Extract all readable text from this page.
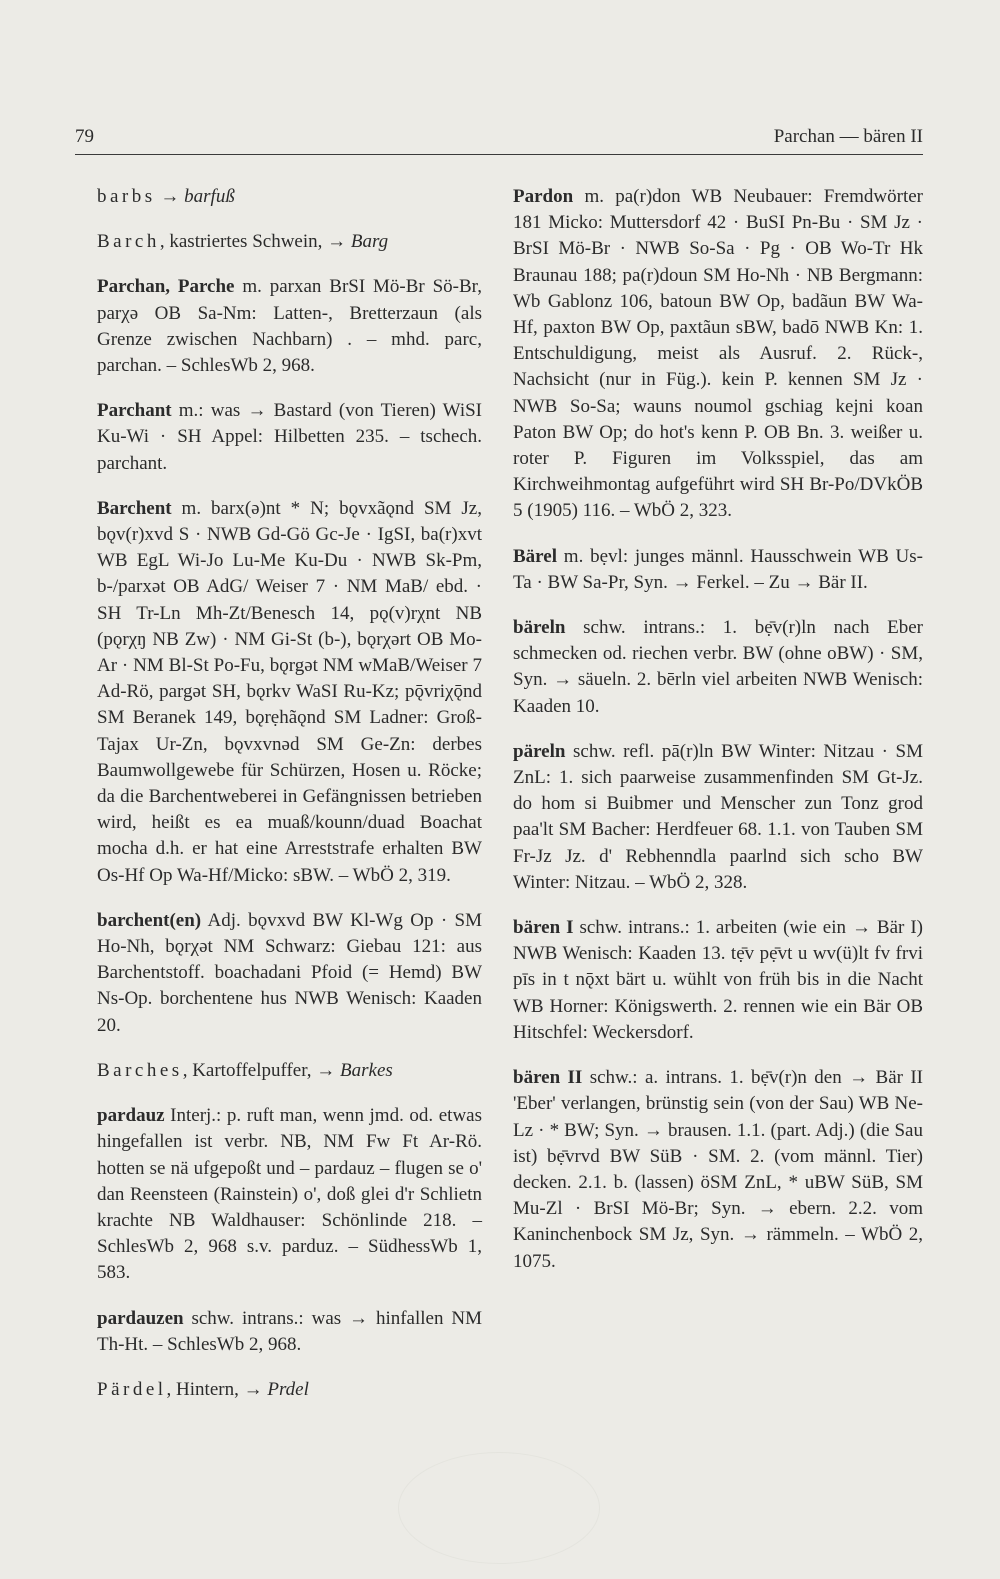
79	Parchan — bären II

barbs → barfuß

Barch, kastriertes Schwein, → Barg

Parchan, Parche m. parxan BrSI Mö-Br Sö-Br, parχə OB Sa-Nm: Latten-, Bretterzaun (als Grenze zwischen Nachbarn) . – mhd. parc, parchan. – SchlesWb 2, 968.

Parchant m.: was → Bastard (von Tieren) WiSI Ku-Wi · SH Appel: Hilbetten 235. – tschech. parchant.

Barchent m. barx(ə)nt * N; bǫvxãǫnd SM Jz, bǫv(r)xvd S · NWB Gd-Gö Gc-Je · IgSI, ba(r)xvt WB EgL Wi-Jo Lu-Me Ku-Du · NWB Sk-Pm, b-/parxət OB AdG/ Weiser 7 · NM MaB/ ebd. · SH Tr-Ln Mh-Zt/Benesch 14, pǫ(v)rχnt NB (pǫrχŋ NB Zw) · NM Gi-St (b-), bǫrχərt OB Mo-Ar · NM Bl-St Po-Fu, bǫrgət NM wMaB/Weiser 7 Ad-Rö, pargət SH, bǫrkv WaSI Ru-Kz; pǭvriχǭnd SM Beranek 149, bǫrẹhãǫnd SM Ladner: Groß-Tajax Ur-Zn, bǫvxvnəd SM Ge-Zn: derbes Baumwollgewebe für Schürzen, Hosen u. Röcke; da die Barchentweberei in Gefängnissen betrieben wird, heißt es ea muaß/kounn/duad Boachat mocha d.h. er hat eine Arreststrafe erhalten BW Os-Hf Op Wa-Hf/Micko: sBW. – WbÖ 2, 319.

barchent(en) Adj. bǫvxvd BW Kl-Wg Op · SM Ho-Nh, bǫrχət NM Schwarz: Giebau 121: aus Barchentstoff. boachadani Pfoid (= Hemd) BW Ns-Op. borchentene hus NWB Wenisch: Kaaden 20.

Barches, Kartoffelpuffer, → Barkes

pardauz Interj.: p. ruft man, wenn jmd. od. etwas hingefallen ist verbr. NB, NM Fw Ft Ar-Rö. hotten se nä ufgepoßt und – pardauz – flugen se o' dan Reensteen (Rainstein) o', doß glei d'r Schlietn krachte NB Waldhauser: Schönlinde 218. – SchlesWb 2, 968 s.v. parduz. – SüdhessWb 1, 583.

pardauzen schw. intrans.: was → hinfallen NM Th-Ht. – SchlesWb 2, 968.

Pärdel, Hintern, → Prdel

Pardon m. pa(r)don WB Neubauer: Fremdwörter 181 Micko: Muttersdorf 42 · BuSI Pn-Bu · SM Jz · BrSI Mö-Br · NWB So-Sa · Pg · OB Wo-Tr Hk Braunau 188; pa(r)doun SM Ho-Nh · NB Bergmann: Wb Gablonz 106, batoun BW Op, badãun BW Wa-Hf, paxton BW Op, paxtãun sBW, badō NWB Kn: 1. Entschuldigung, meist als Ausruf. 2. Rück-, Nachsicht (nur in Füg.). kein P. kennen SM Jz · NWB So-Sa; wauns noumol gschiag kejni koan Paton BW Op; do hot's kenn P. OB Bn. 3. weißer u. roter P. Figuren im Volksspiel, das am Kirchweihmontag aufgeführt wird SH Br-Po/DVkÖB 5 (1905) 116. – WbÖ 2, 323.

Bärel m. bẹvl: junges männl. Hausschwein WB Us-Ta · BW Sa-Pr, Syn. → Ferkel. – Zu → Bär II.

bäreln schw. intrans.: 1. bẹ̄v(r)ln nach Eber schmecken od. riechen verbr. BW (ohne oBW) · SM, Syn. → säueln. 2. bērln viel arbeiten NWB Wenisch: Kaaden 10.

päreln schw. refl. pā(r)ln BW Winter: Nitzau · SM ZnL: 1. sich paarweise zusammenfinden SM Gt-Jz. do hom si Buibmer und Menscher zun Tonz grod paa'lt SM Bacher: Herdfeuer 68. 1.1. von Tauben SM Fr-Jz Jz. d' Rebhenndla paarlnd sich scho BW Winter: Nitzau. – WbÖ 2, 328.

bären I schw. intrans.: 1. arbeiten (wie ein → Bär I) NWB Wenisch: Kaaden 13. tẹ̄v pẹ̄vt u wv(ü)lt fv frvi pīs in t nǭxt bärt u. wühlt von früh bis in die Nacht WB Horner: Königswerth. 2. rennen wie ein Bär OB Hitschfel: Weckersdorf.

bären II schw.: a. intrans. 1. bẹ̄v(r)n den → Bär II 'Eber' verlangen, brünstig sein (von der Sau) WB Ne-Lz · * BW; Syn. → brausen. 1.1. (part. Adj.) (die Sau ist) bẹ̄vrvd BW SüB · SM. 2. (vom männl. Tier) decken. 2.1. b. (lassen) öSM ZnL, * uBW SüB, SM Mu-Zl · BrSI Mö-Br; Syn. → ebern. 2.2. vom Kaninchenbock SM Jz, Syn. → rämmeln. – WbÖ 2, 1075.
